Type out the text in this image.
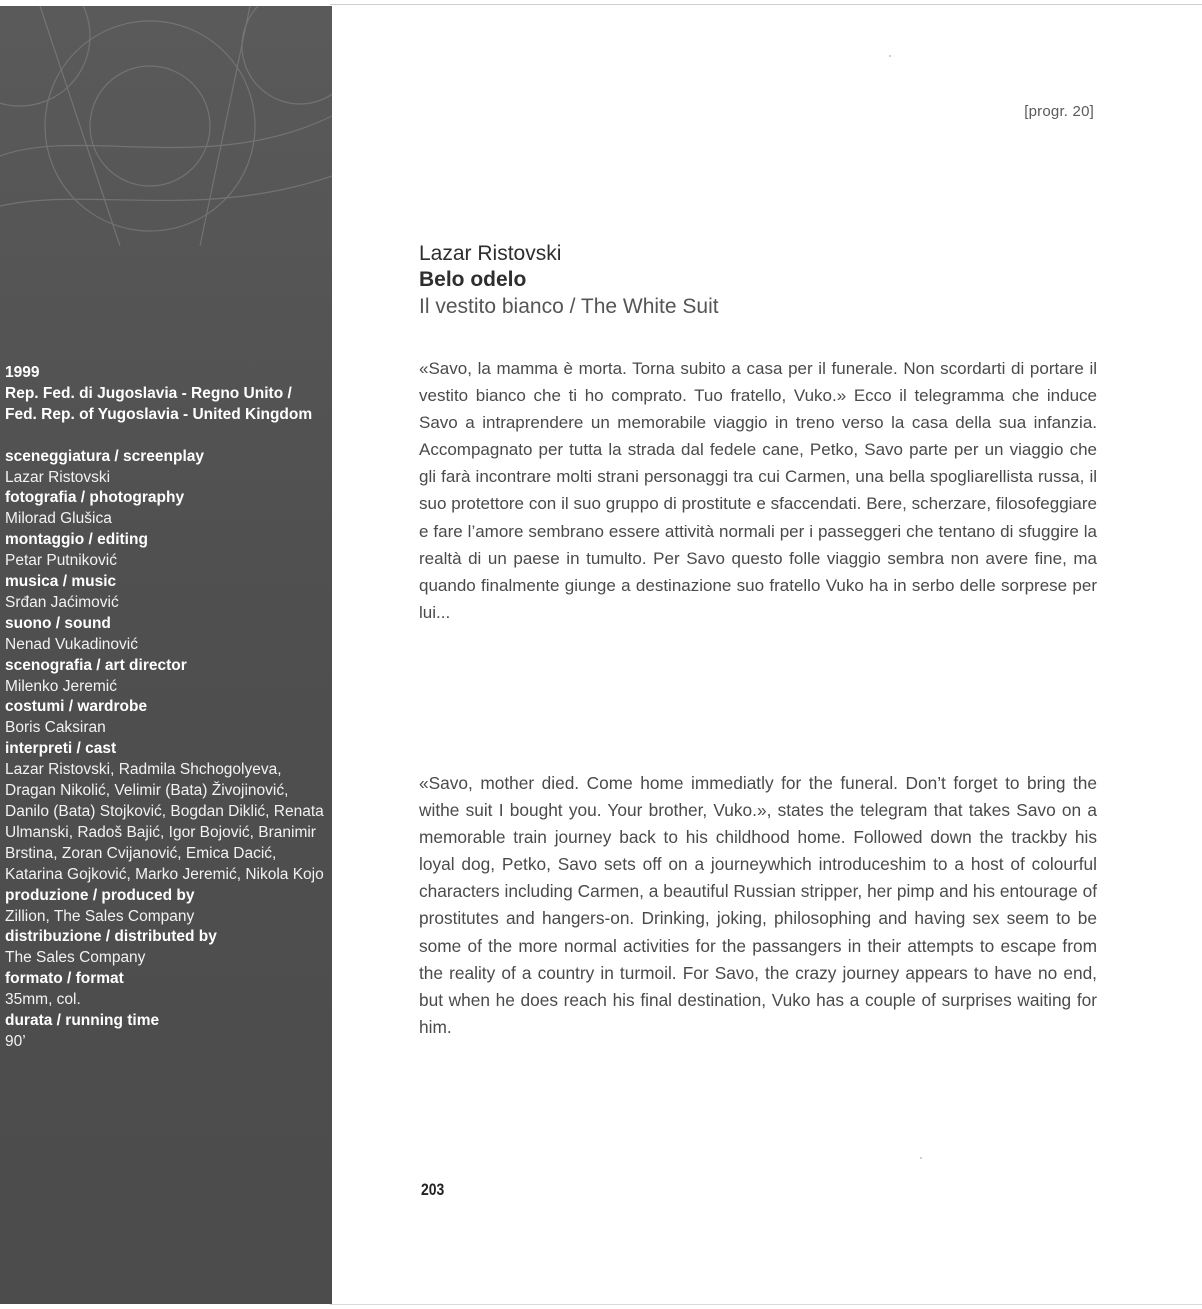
1999
Rep. Fed. di Jugoslavia - Regno Unito / Fed. Rep. of Yugoslavia - United Kingdom
sceneggiatura / screenplay
Lazar Ristovski
fotografia / photography
Milorad Glušica
montaggio / editing
Petar Putniković
musica / music
Srđan Jaćimović
suono / sound
Nenad Vukadinović
scenografia / art director
Milenko Jeremić
costumi / wardrobe
Boris Caksiran
interpreti / cast
Lazar Ristovski, Radmila Shchogolyeva, Dragan Nikolić, Velimir (Bata) Živojinović, Danilo (Bata) Stojković, Bogdan Diklić, Renata Ulmanski, Radoš Bajić, Igor Bojović, Branimir Brstina, Zoran Cvijanović, Emica Dacić, Katarina Gojković, Marko Jeremić, Nikola Kojo
produzione / produced by
Zillion, The Sales Company
distribuzione / distributed by
The Sales Company
formato / format
35mm, col.
durata / running time
90’
[progr. 20]
Lazar Ristovski
Belo odelo
Il vestito bianco / The White Suit

«Savo, la mamma è morta. Torna subito a casa per il funerale. Non scordarti di portare il vestito bianco che ti ho comprato. Tuo fratello, Vuko.» Ecco il telegramma che induce Savo a intraprendere un memorabile viaggio in treno verso la casa della sua infanzia. Accompagnato per tutta la strada dal fedele cane, Petko, Savo parte per un viaggio che gli farà incontrare molti strani personaggi tra cui Carmen, una bella spogliarellista russa, il suo protettore con il suo gruppo di prostitute e sfaccendati. Bere, scherzare, filosofeggiare e fare l’amore sembrano essere attività normali per i passeggeri che tentano di sfuggire la realtà di un paese in tumulto. Per Savo questo folle viaggio sembra non avere fine, ma quando finalmente giunge a destinazione suo fratello Vuko ha in serbo delle sorprese per lui...

«Savo, mother died. Come home immediatly for the funeral. Don’t forget to bring the withe suit I bought you. Your brother, Vuko.», states the telegram that takes Savo on a memorable train journey back to his childhood home. Followed down the trackby his loyal dog, Petko, Savo sets off on a journeywhich introduceshim to a host of colourful characters including Carmen, a beautiful Russian stripper, her pimp and his entourage of prostitutes and hangers-on. Drinking, joking, philosophing and having sex seem to be some of the more normal activities for the passangers in their attempts to escape from the reality of a country in turmoil. For Savo, the crazy journey appears to have no end, but when he does reach his final destination, Vuko has a couple of surprises waiting for him.

203
